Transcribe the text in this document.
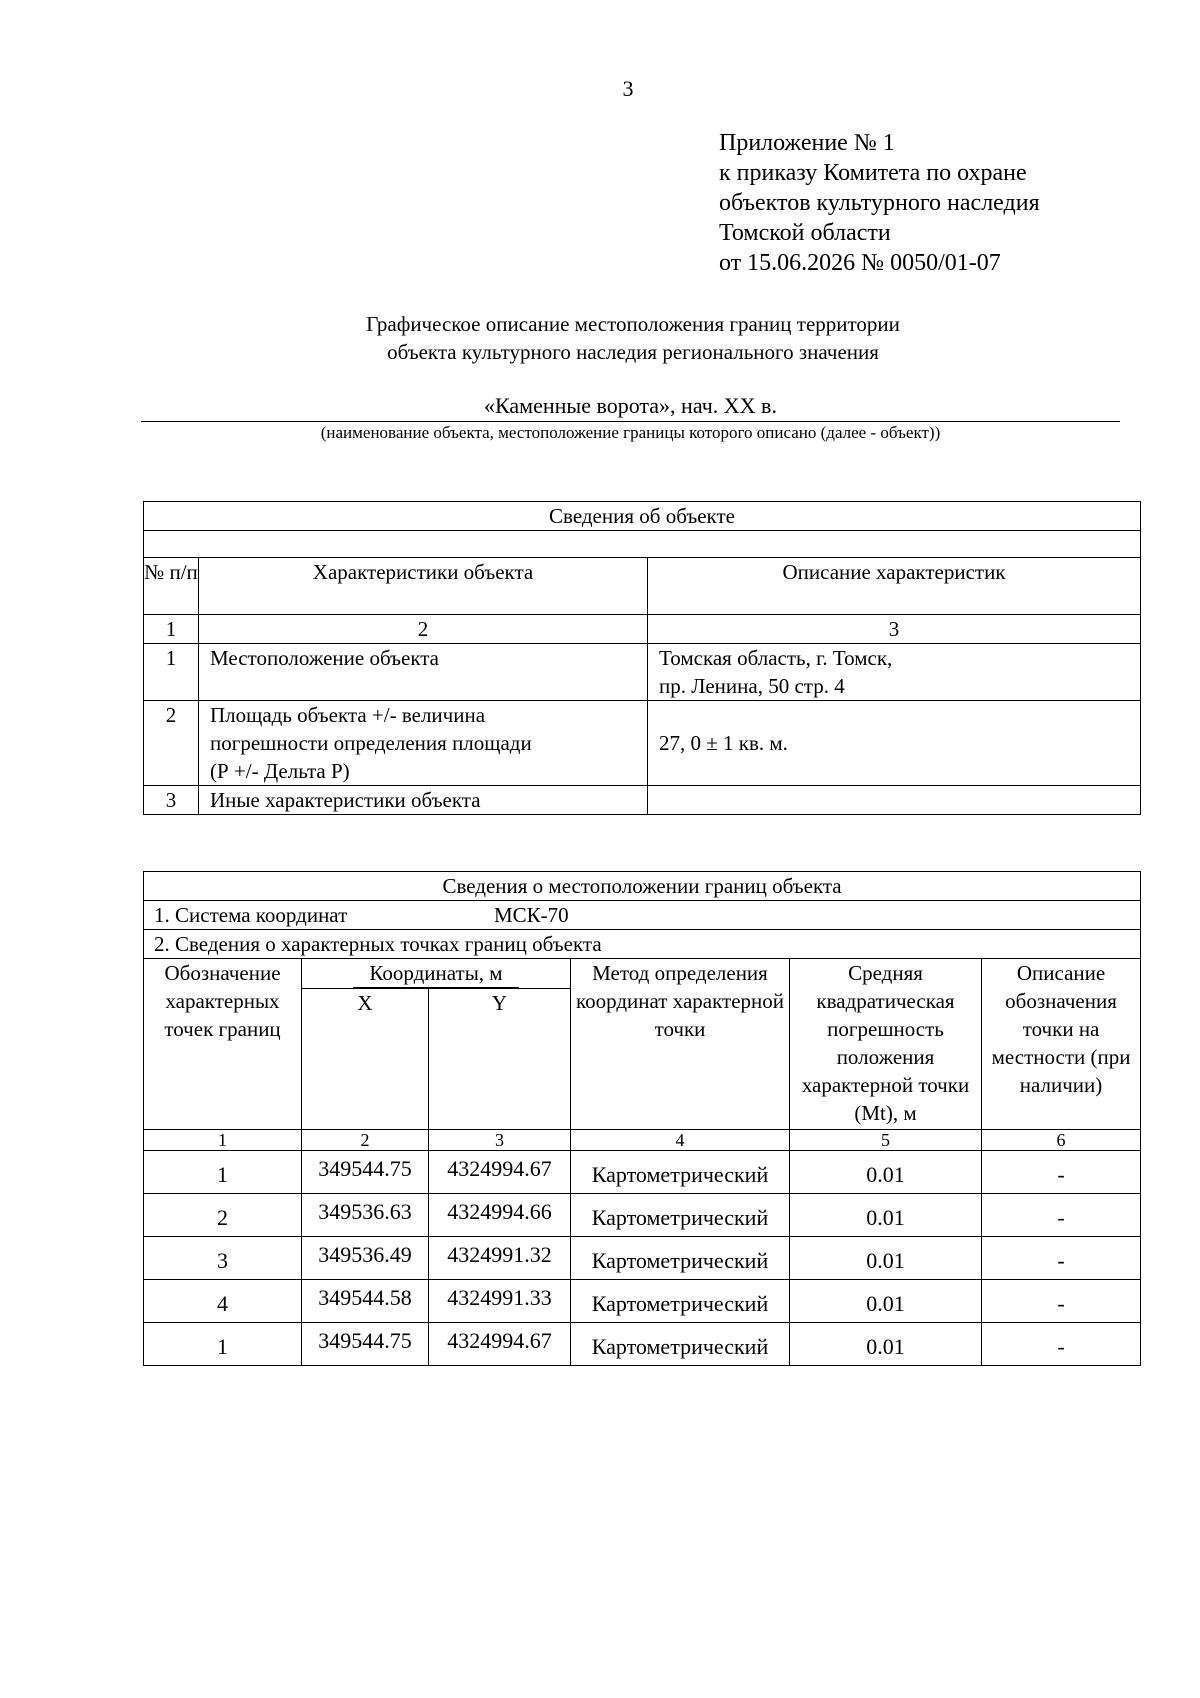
3
Приложение № 1
к приказу Комитета по охране
объектов культурного наследия
Томской области
от 15.06.2026 № 0050/01-07
Графическое описание местоположения границ территории
объекта культурного наследия регионального значения
«Каменные ворота», нач. XX в.
(наименование объекта, местоположение границы которого описано (далее - объект))
Сведения об объекте		

№ п/п	Характеристики объекта	Описание характеристик
1	2	3
1	Местоположение объекта	Томская область, г. Томск,
пр. Ленина, 50 стр. 4

2	Площадь объекта +/- величина
погрешности определения площади
(Р +/- Дельта Р)	27, 0 ± 1 кв. м.
3	Иные характеристики объекта	
Сведения о местоположении границ объекта					
1. Система координат МСК-70					
2. Сведения о характерных точках границ объекта					
Обозначение характерных точек границ	Координаты, м		Метод определения координат характерной точки	Средняя квадратическая погрешность положения характерной точки (Mt), м	Описание обозначения точки на местности (при наличии)
	X	Y			
1	2	3	4	5	6
1	349544.75	4324994.67	Картометрический	0.01	-
2	349536.63	4324994.66	Картометрический	0.01	-
3	349536.49	4324991.32	Картометрический	0.01	-
4	349544.58	4324991.33	Картометрический	0.01	-
1	349544.75	4324994.67	Картометрический	0.01	-
